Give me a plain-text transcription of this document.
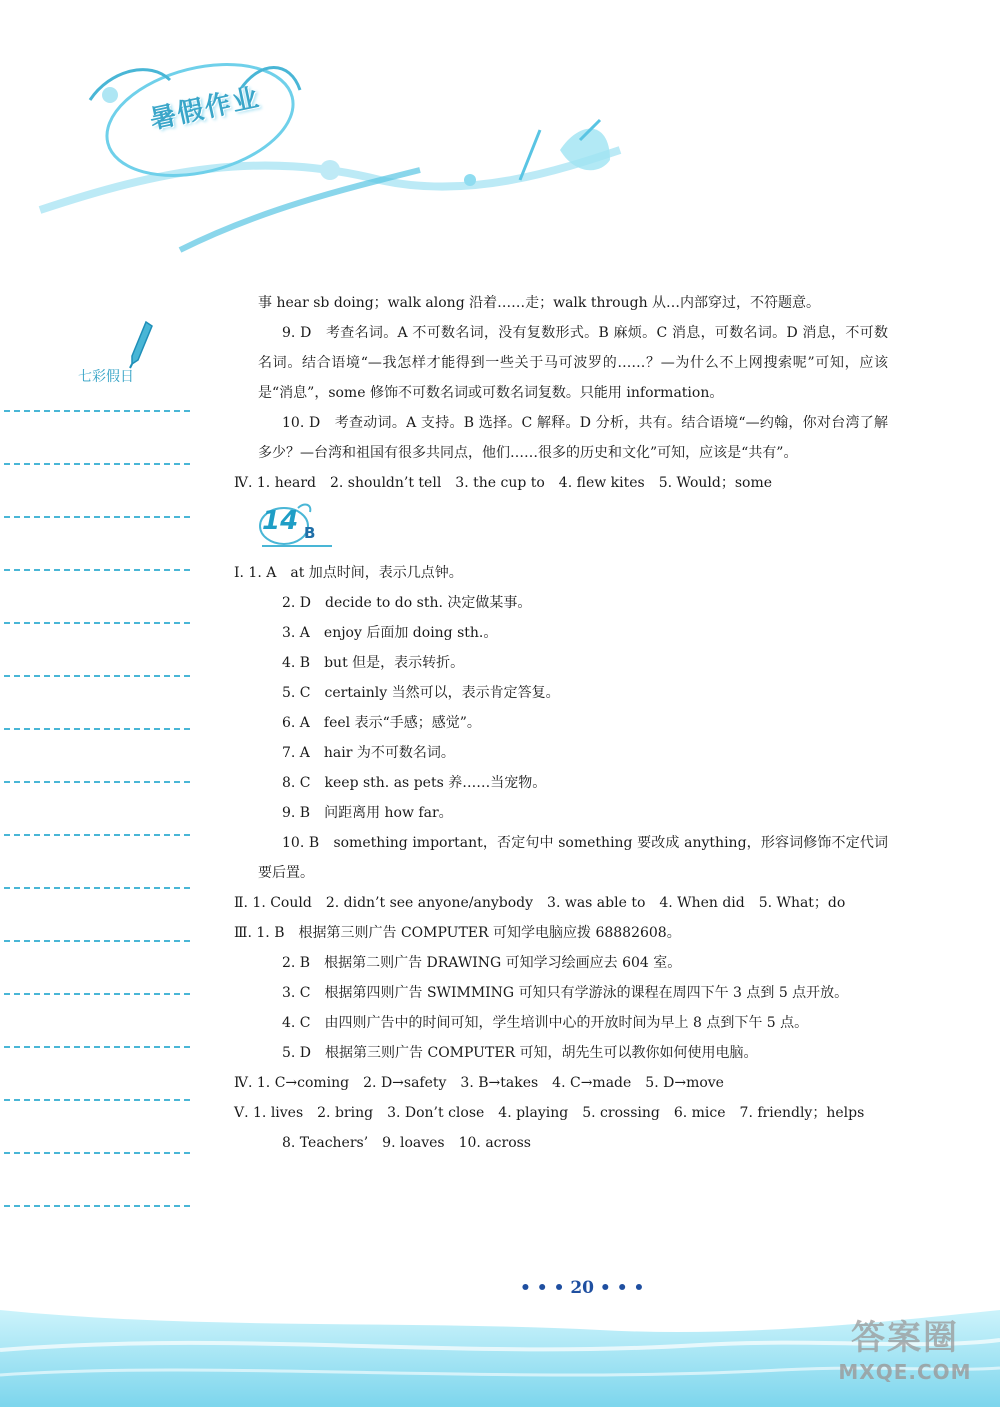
暑假作业
七彩假日
事 hear sb doing；walk along 沿着……走；walk through 从…内部穿过，不符题意。
9. D　考查名词。A 不可数名词，没有复数形式。B 麻烦。C 消息，可数名词。D 消息，不可数名词。结合语境“—我怎样才能得到一些关于马可波罗的……？—为什么不上网搜索呢”可知，应该是“消息”，some 修饰不可数名词或可数名词复数。只能用 information。
10. D　考查动词。A 支持。B 选择。C 解释。D 分析，共有。结合语境“—约翰，你对台湾了解多少？—台湾和祖国有很多共同点，他们……很多的历史和文化”可知，应该是“共有”。
Ⅳ. 1. heard　2. shouldn’t tell　3. the cup to　4. flew kites　5. Would；some
14 B
Ⅰ. 1. A　at 加点时间，表示几点钟。
2. D　decide to do sth. 决定做某事。
3. A　enjoy 后面加 doing sth.。
4. B　but 但是，表示转折。
5. C　certainly 当然可以，表示肯定答复。
6. A　feel 表示“手感；感觉”。
7. A　hair 为不可数名词。
8. C　keep sth. as pets 养……当宠物。
9. B　问距离用 how far。
10. B　something important，否定句中 something 要改成 anything，形容词修饰不定代词要后置。
Ⅱ. 1. Could　2. didn’t see anyone/anybody　3. was able to　4. When did　5. What；do
Ⅲ. 1. B　根据第三则广告 COMPUTER 可知学电脑应拨 68882608。
2. B　根据第二则广告 DRAWING 可知学习绘画应去 604 室。
3. C　根据第四则广告 SWIMMING 可知只有学游泳的课程在周四下午 3 点到 5 点开放。
4. C　由四则广告中的时间可知，学生培训中心的开放时间为早上 8 点到下午 5 点。
5. D　根据第三则广告 COMPUTER 可知，胡先生可以教你如何使用电脑。
Ⅳ. 1. C→coming　2. D→safety　3. B→takes　4. C→made　5. D→move
Ⅴ. 1. lives　2. bring　3. Don’t close　4. playing　5. crossing　6. mice　7. friendly；helps
8. Teachers’　9. loaves　10. across
• • • 20 • • •
答案圈
MXQE.COM
